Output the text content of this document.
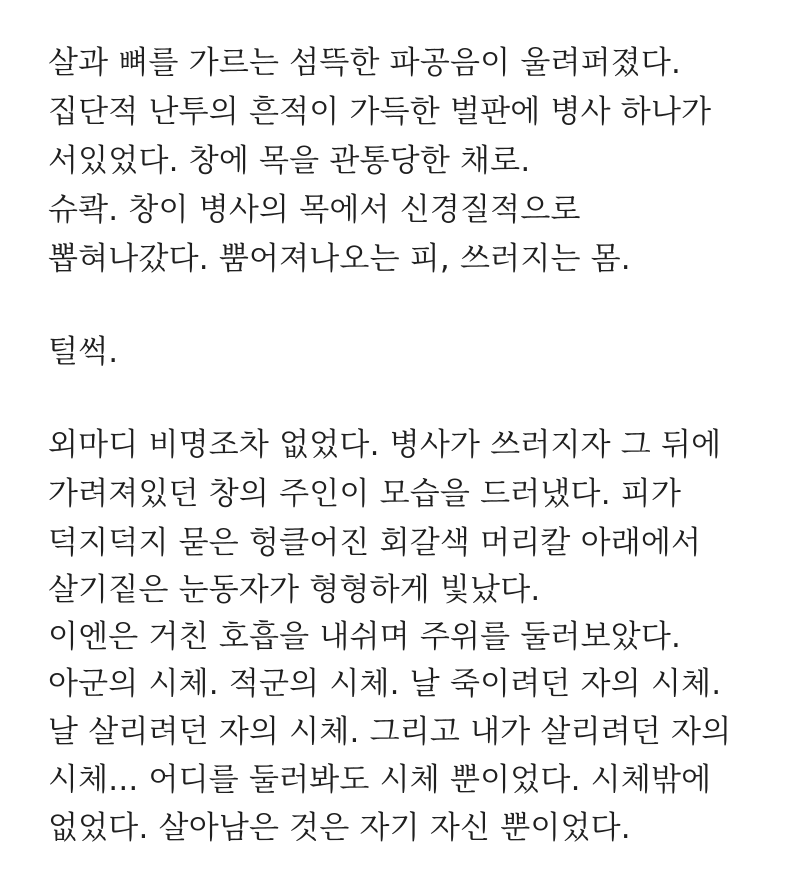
살과 뼈를 가르는 섬뜩한 파공음이 울려퍼졌다.
집단적 난투의 흔적이 가득한 벌판에 병사 하나가
서있었다. 창에 목을 관통당한 채로.
슈콱. 창이 병사의 목에서 신경질적으로
뽑혀나갔다. 뿜어져나오는 피, 쓰러지는 몸.
털썩.
외마디 비명조차 없었다. 병사가 쓰러지자 그 뒤에
가려져있던 창의 주인이 모습을 드러냈다. 피가
덕지덕지 묻은 헝클어진 회갈색 머리칼 아래에서
살기짙은 눈동자가 형형하게 빛났다.
이엔은 거친 호흡을 내쉬며 주위를 둘러보았다.
아군의 시체. 적군의 시체. 날 죽이려던 자의 시체.
날 살리려던 자의 시체. 그리고 내가 살리려던 자의
시체... 어디를 둘러봐도 시체 뿐이었다. 시체밖에
없었다. 살아남은 것은 자기 자신 뿐이었다.
